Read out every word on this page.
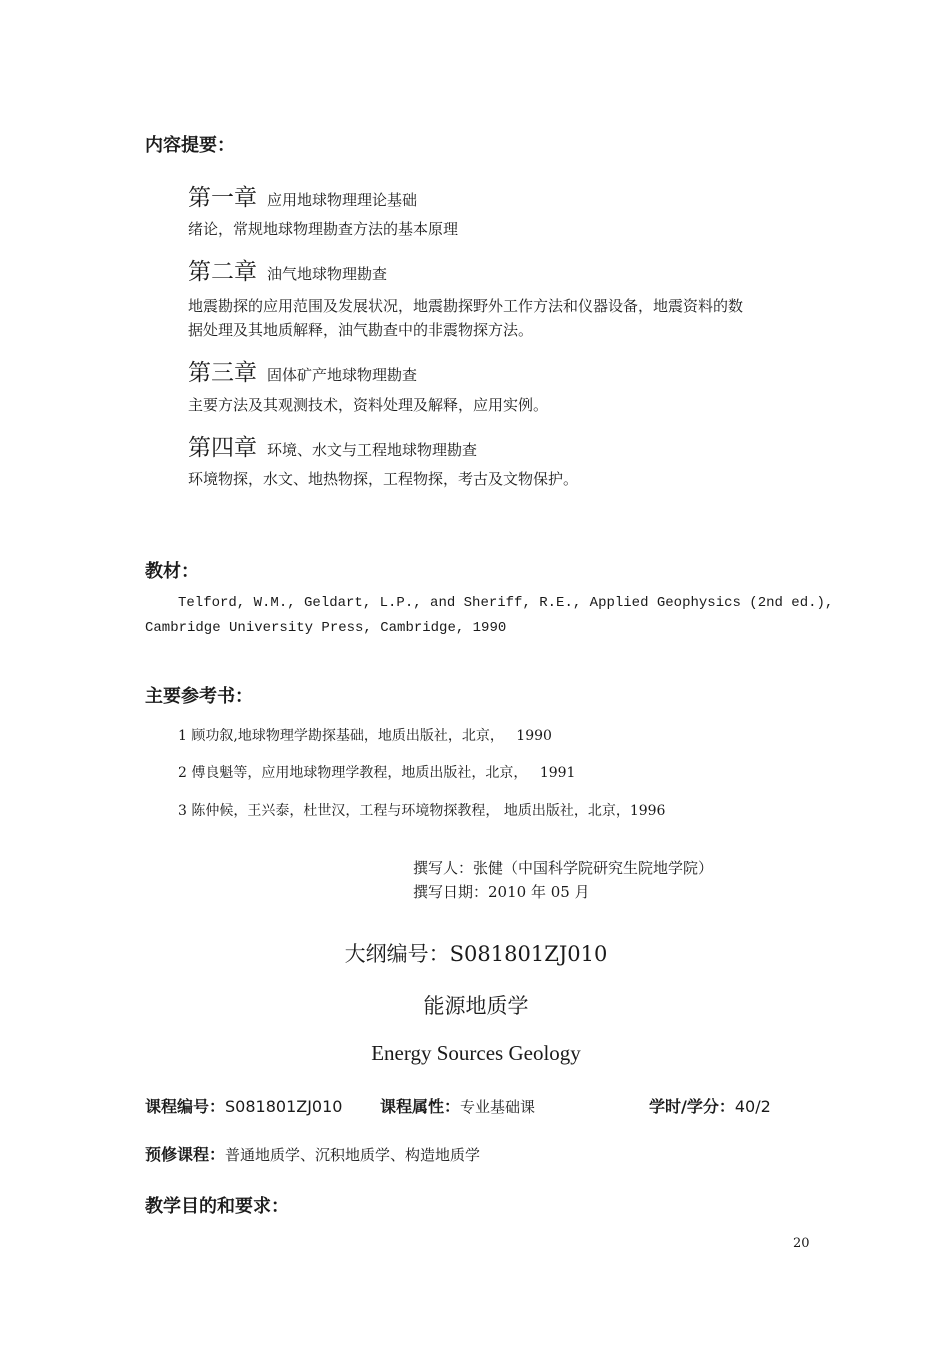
内容提要：
第一章 应用地球物理理论基础
绪论，常规地球物理勘查方法的基本原理
第二章 油气地球物理勘查
地震勘探的应用范围及发展状况，地震勘探野外工作方法和仪器设备，地震资料的数
据处理及其地质解释，油气勘查中的非震物探方法。
第三章 固体矿产地球物理勘查
主要方法及其观测技术，资料处理及解释，应用实例。
第四章 环境、水文与工程地球物理勘查
环境物探，水文、地热物探，工程物探，考古及文物保护。
教材：
Telford, W.M., Geldart, L.P., and Sheriff, R.E., Applied Geophysics (2nd ed.),
Cambridge University Press, Cambridge, 1990
主要参考书：
1 顾功叙,地球物理学勘探基础，地质出版社，北京， 1990
2 傅良魁等，应用地球物理学教程，地质出版社，北京， 1991
3 陈仲候，王兴泰，杜世汉，工程与环境物探教程， 地质出版社，北京，1996
撰写人：张健（中国科学院研究生院地学院）
撰写日期：2010 年 05 月
大纲编号：S081801ZJ010
能源地质学
Energy Sources Geology
课程编号：S081801ZJ010 课程属性：专业基础课	学时/学分：40/2
预修课程：普通地质学、沉积地质学、构造地质学
教学目的和要求：
20
